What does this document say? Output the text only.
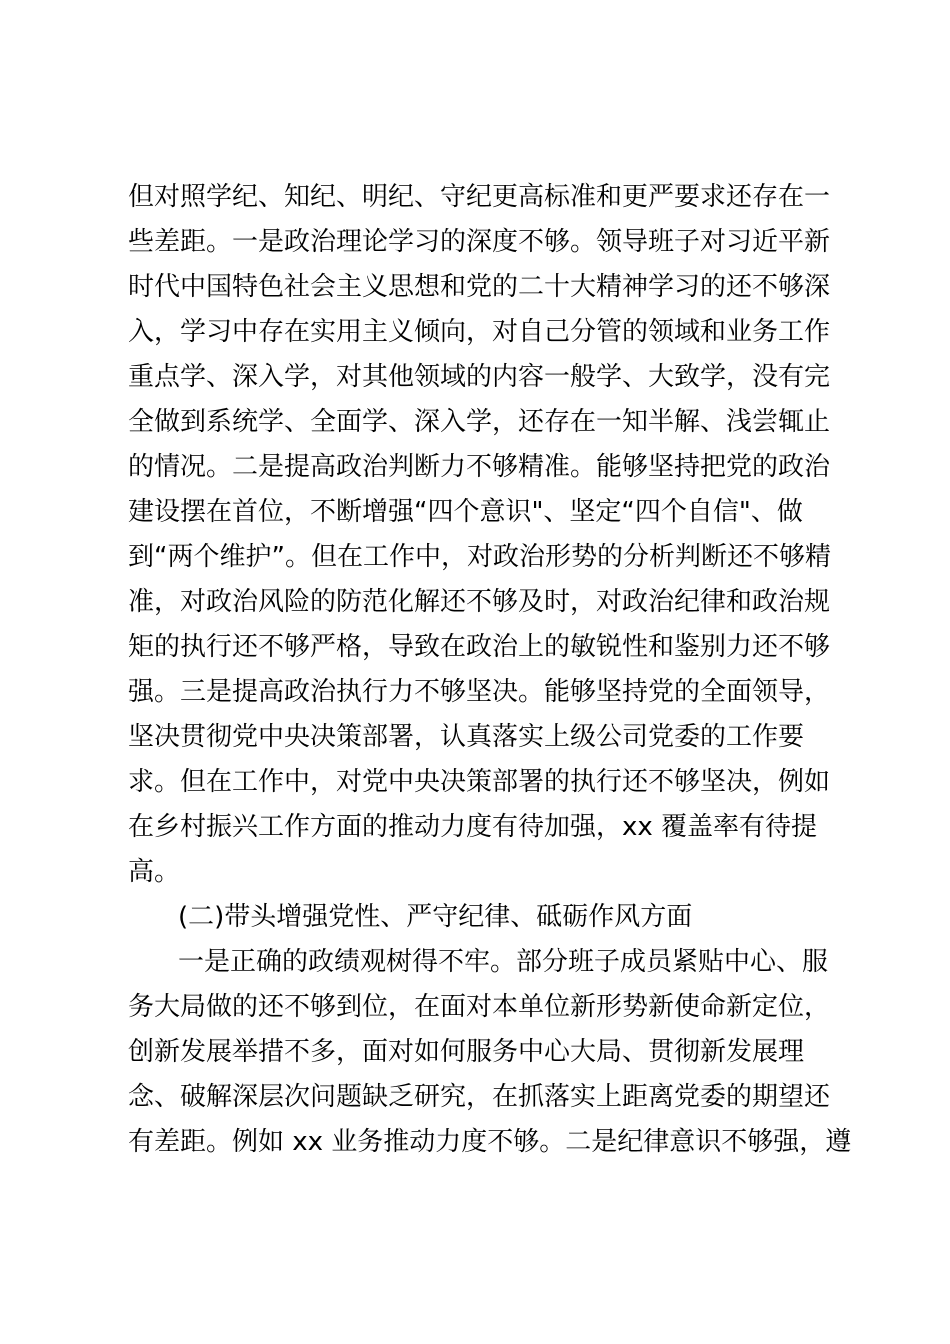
但对照学纪、知纪、明纪、守纪更高标准和更严要求还存在一
些差距。一是政治理论学习的深度不够。领导班子对习近平新
时代中国特色社会主义思想和党的二十大精神学习的还不够深
入，学习中存在实用主义倾向，对自己分管的领域和业务工作
重点学、深入学，对其他领域的内容一般学、大致学，没有完
全做到系统学、全面学、深入学，还存在一知半解、浅尝辄止
的情况。二是提高政治判断力不够精准。能够坚持把党的政治
建设摆在首位，不断增强“四个意识"、坚定“四个自信"、做
到“两个维护”。但在工作中，对政治形势的分析判断还不够精
准，对政治风险的防范化解还不够及时，对政治纪律和政治规
矩的执行还不够严格，导致在政治上的敏锐性和鉴别力还不够
强。三是提高政治执行力不够坚决。能够坚持党的全面领导，
坚决贯彻党中央决策部署，认真落实上级公司党委的工作要
求。但在工作中，对党中央决策部署的执行还不够坚决，例如
在乡村振兴工作方面的推动力度有待加强，xx 覆盖率有待提
高。
(二)带头增强党性、严守纪律、砥砺作风方面
一是正确的政绩观树得不牢。部分班子成员紧贴中心、服
务大局做的还不够到位，在面对本单位新形势新使命新定位，
创新发展举措不多，面对如何服务中心大局、贯彻新发展理
念、破解深层次问题缺乏研究，在抓落实上距离党委的期望还
有差距。例如 xx 业务推动力度不够。二是纪律意识不够强，遵
